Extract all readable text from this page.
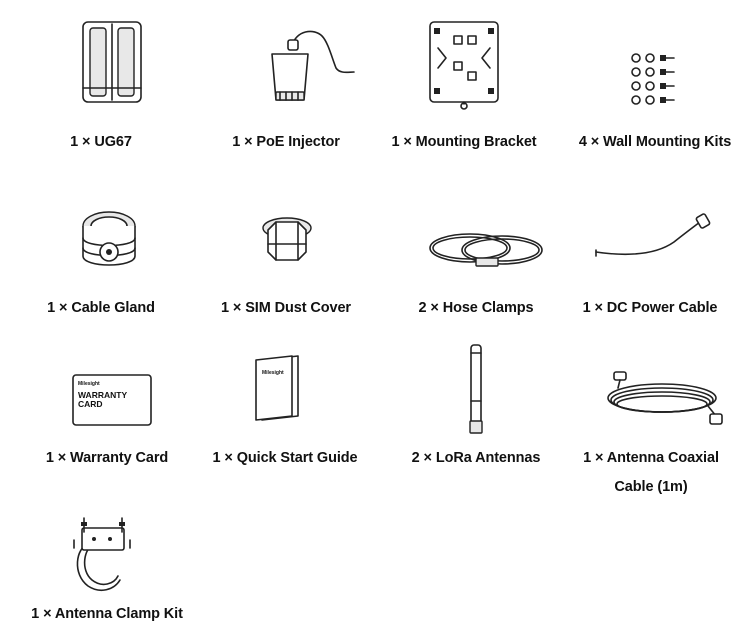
1 × UG67	1 × PoE Injector	1 × Mounting Bracket	4 × Wall Mounting Kits
1 × Cable Gland	1 × SIM Dust Cover	2 × Hose Clamps	1 × DC Power Cable
Milesight
WARRANTY
CARD
1 × Warranty Card
Milesight
1 × Quick Start Guide	2 × LoRa Antennas	1 × Antenna Coaxial
Cable (1m)
1 × Antenna Clamp Kit
